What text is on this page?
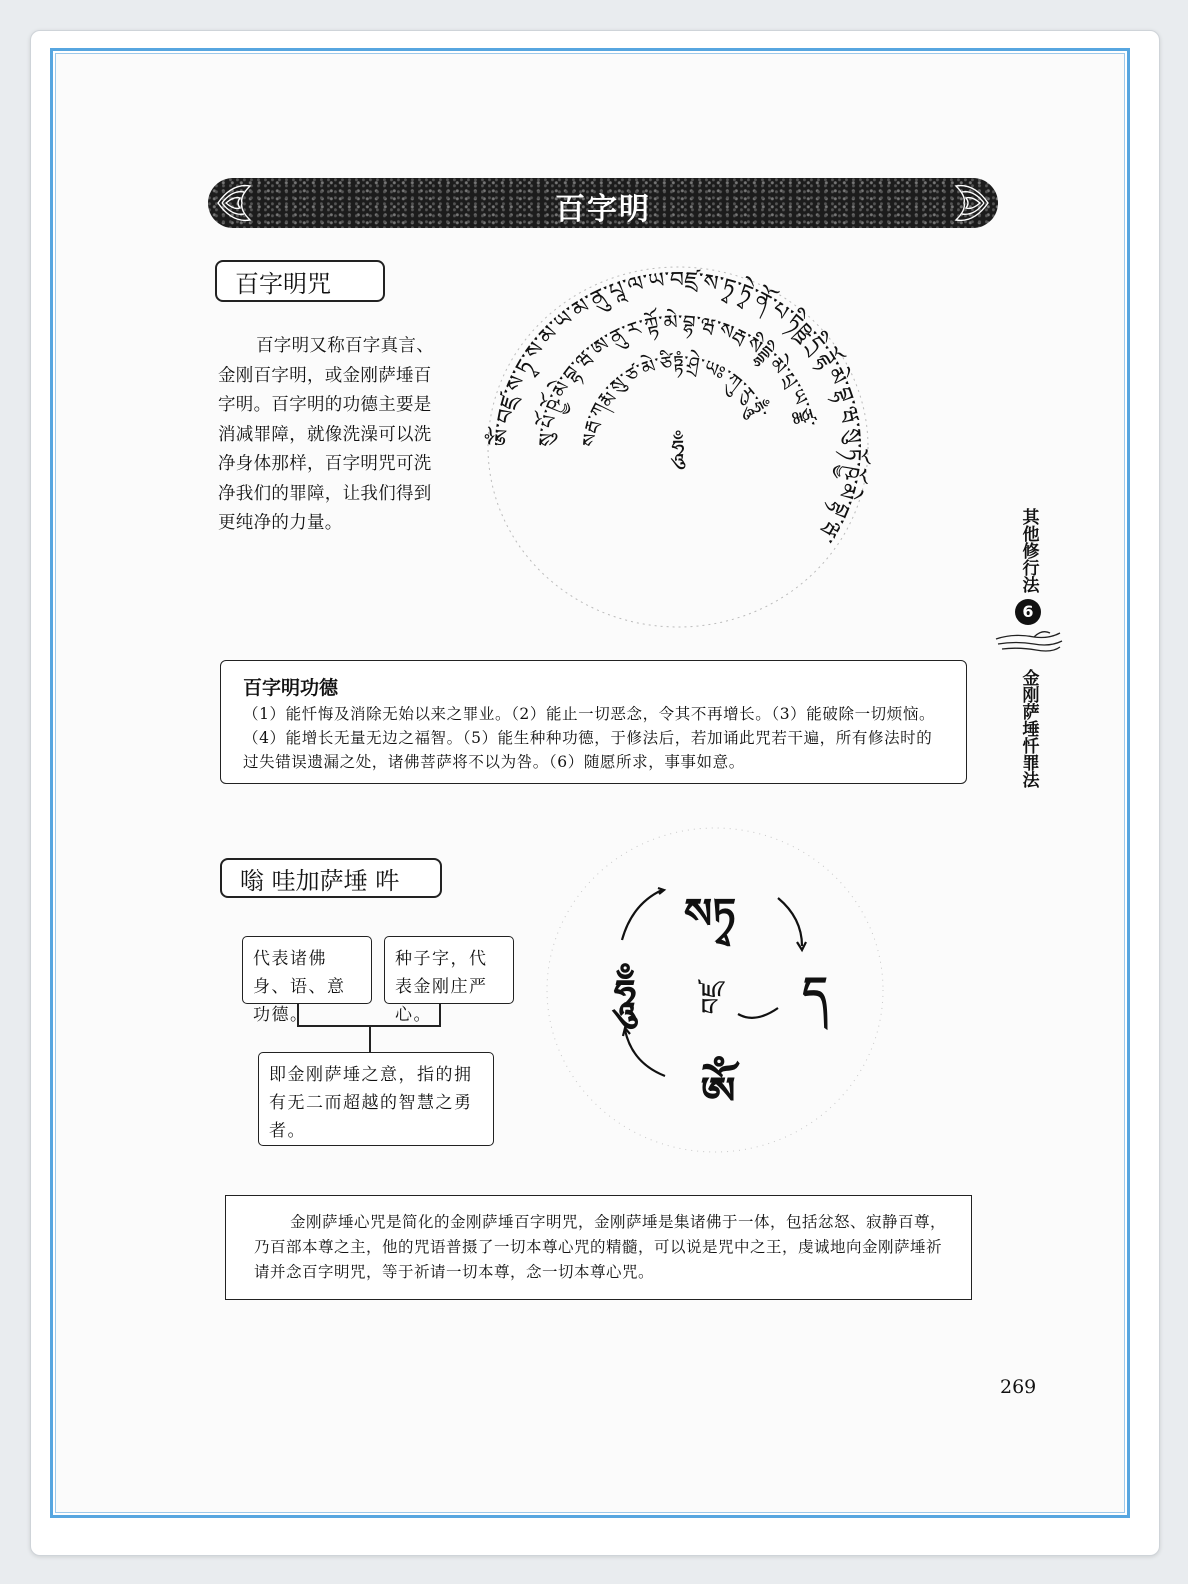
百字明
百字明咒

百字明又称百字真言、金刚百字明，或金刚萨埵百字明。百字明的功德主要是消减罪障，就像洗澡可以洗净身体那样，百字明咒可洗净我们的罪障，让我们得到更纯净的力量。

ཨོཾ་བཛྲ་ས་ཏྭ་ས་མ་ཡ་མ་ནུ་པཱ་ལ་ཡ་བཛྲ་ས་ཏྭ་ཏྭེ་ནོ་པ་ཏིཥྛ་དྲི་ཌྷོ་མེ་བྷ་ཝ་སུ་ཏོ་ཥྱོ་མེ་བྷ་ཝ་
སུ་པོ་ཥྱོ་མེ་བྷ་ཝ་ཨ་ནུ་ར་ཀྟོ་མེ་བྷ་ཝ་སརྦ་སིདྡྷི་མེ་པྲ་ཡ་ཙྪ་
སརྦ་ཀརྨ་སུ་ཙ་མེ་ཙིཏྟཾ་ཤྲེ་ཡཿ་ཀུ་རུ་ཧཱུྃ་
ཧཱུྃ
其他修行法
6
金刚萨埵忏罪法
百字明功德
（1）能忏悔及消除无始以来之罪业。（2）能止一切恶念，令其不再增长。（3）能破除一切烦恼。（4）能增长无量无边之福智。（5）能生种种功德，于修法后，若加诵此咒若干遍，所有修法时的过失错误遗漏之处，诸佛菩萨将不以为咎。（6）随愿所求，事事如意。
嗡 哇加萨埵 吽
代表诸佛身、语、意功德。
种子字，代表金刚庄严心。
即金刚萨埵之意，指的拥有无二而超越的智慧之勇者。
སཏྭ
ད
ཧཱུྃ
ཨོཾ
བཛྲ

金刚萨埵心咒是简化的金刚萨埵百字明咒，金刚萨埵是集诸佛于一体，包括忿怒、寂静百尊，乃百部本尊之主，他的咒语普摄了一切本尊心咒的精髓，可以说是咒中之王，虔诚地向金刚萨埵祈请并念百字明咒，等于祈请一切本尊，念一切本尊心咒。

269
